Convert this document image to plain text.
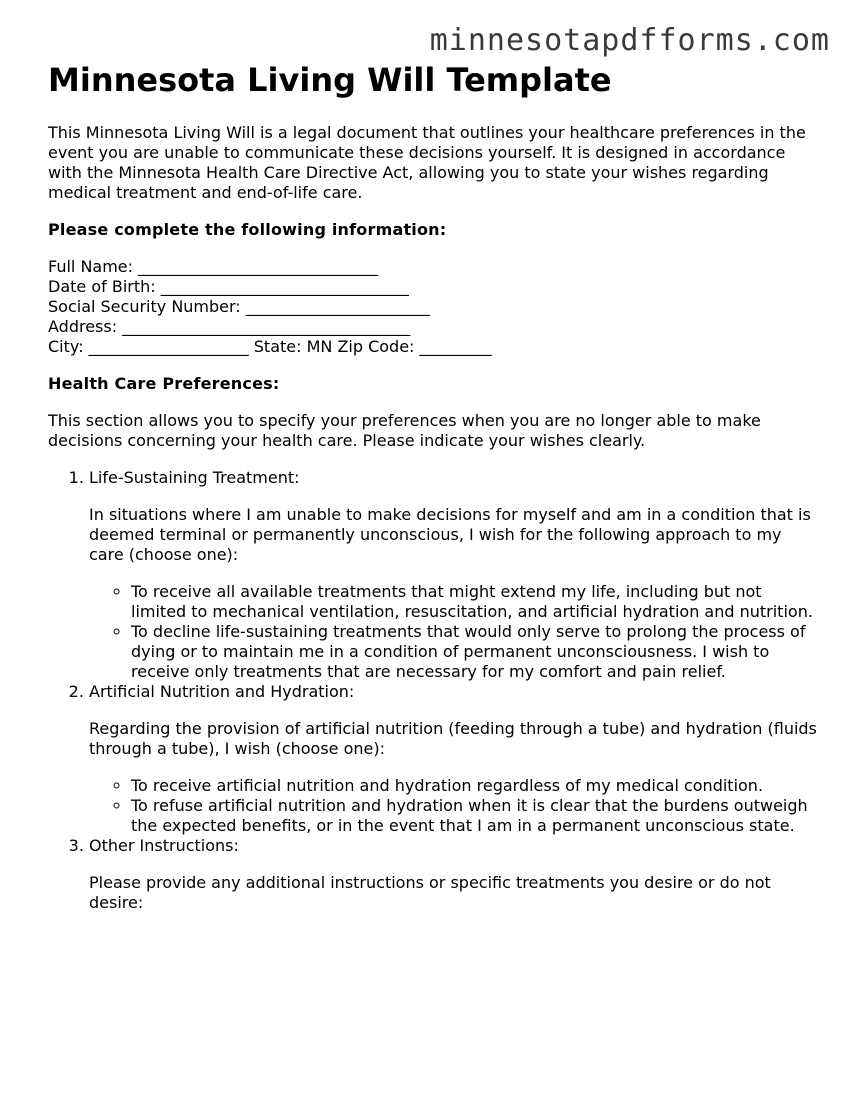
minnesotapdfforms.com
Minnesota Living Will Template

This Minnesota Living Will is a legal document that outlines your healthcare preferences in the event you are unable to communicate these decisions yourself. It is designed in accordance with the Minnesota Health Care Directive Act, allowing you to state your wishes regarding medical treatment and end-of-life care.

Please complete the following information:
Full Name: ______________________________
Date of Birth: _______________________________
Social Security Number: _______________________
Address: ____________________________________
City: ____________________ State: MN Zip Code: _________
Health Care Preferences:

This section allows you to specify your preferences when you are no longer able to make decisions concerning your health care. Please indicate your wishes clearly.

1. Life-Sustaining Treatment:

In situations where I am unable to make decisions for myself and am in a condition that is deemed terminal or permanently unconscious, I wish for the following approach to my care (choose one):

◦ To receive all available treatments that might extend my life, including but not limited to mechanical ventilation, resuscitation, and artificial hydration and nutrition.
◦ To decline life-sustaining treatments that would only serve to prolong the process of dying or to maintain me in a condition of permanent unconsciousness. I wish to receive only treatments that are necessary for my comfort and pain relief.
2. Artificial Nutrition and Hydration:

Regarding the provision of artificial nutrition (feeding through a tube) and hydration (fluids through a tube), I wish (choose one):

◦ To receive artificial nutrition and hydration regardless of my medical condition.
◦ To refuse artificial nutrition and hydration when it is clear that the burdens outweigh the expected benefits, or in the event that I am in a permanent unconscious state.
3. Other Instructions:

Please provide any additional instructions or specific treatments you desire or do not desire:
